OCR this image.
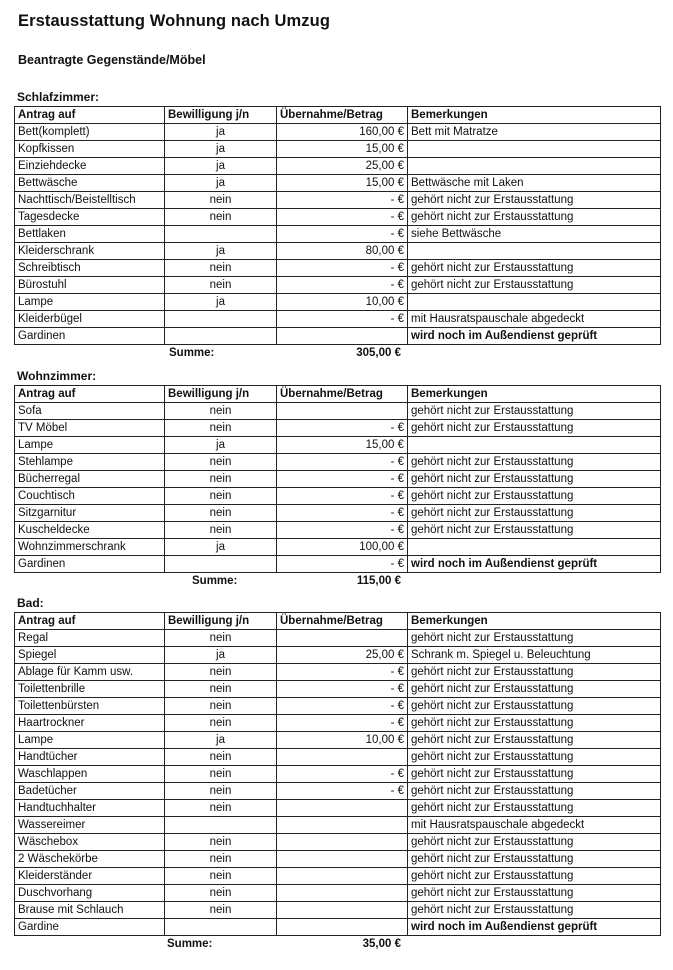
Erstausstattung Wohnung nach Umzug
Beantragte Gegenstände/Möbel
Schlafzimmer:
Antrag auf	Bewilligung j/n	Übernahme/Betrag	Bemerkungen
Bett(komplett)	ja	160,00 €	Bett mit Matratze
Kopfkissen	ja	15,00 €	
Einziehdecke	ja	25,00 €	
Bettwäsche	ja	15,00 €	Bettwäsche mit Laken
Nachttisch/Beistelltisch	nein	- €	gehört nicht zur Erstausstattung
Tagesdecke	nein	- €	gehört nicht zur Erstausstattung
Bettlaken		- €	siehe Bettwäsche
Kleiderschrank	ja	80,00 €	
Schreibtisch	nein	- €	gehört nicht zur Erstausstattung
Bürostuhl	nein	- €	gehört nicht zur Erstausstattung
Lampe	ja	10,00 €	
Kleiderbügel		- €	mit Hausratspauschale abgedeckt
Gardinen			wird noch im Außendienst geprüft
Summe:	305,00 €
Wohnzimmer:
Antrag auf	Bewilligung j/n	Übernahme/Betrag	Bemerkungen
Sofa	nein		gehört nicht zur Erstausstattung
TV Möbel	nein	- €	gehört nicht zur Erstausstattung
Lampe	ja	15,00 €	
Stehlampe	nein	- €	gehört nicht zur Erstausstattung
Bücherregal	nein	- €	gehört nicht zur Erstausstattung
Couchtisch	nein	- €	gehört nicht zur Erstausstattung
Sitzgarnitur	nein	- €	gehört nicht zur Erstausstattung
Kuscheldecke	nein	- €	gehört nicht zur Erstausstattung
Wohnzimmerschrank	ja	100,00 €	
Gardinen		- €	wird noch im Außendienst geprüft
Summe:	115,00 €
Bad:
Antrag auf	Bewilligung j/n	Übernahme/Betrag	Bemerkungen
Regal	nein		gehört nicht zur Erstausstattung
Spiegel	ja	25,00 €	Schrank m. Spiegel u. Beleuchtung
Ablage für Kamm usw.	nein	- €	gehört nicht zur Erstausstattung
Toilettenbrille	nein	- €	gehört nicht zur Erstausstattung
Toilettenbürsten	nein	- €	gehört nicht zur Erstausstattung
Haartrockner	nein	- €	gehört nicht zur Erstausstattung
Lampe	ja	10,00 €	gehört nicht zur Erstausstattung
Handtücher	nein		gehört nicht zur Erstausstattung
Waschlappen	nein	- €	gehört nicht zur Erstausstattung
Badetücher	nein	- €	gehört nicht zur Erstausstattung
Handtuchhalter	nein		gehört nicht zur Erstausstattung
Wassereimer			mit Hausratspauschale abgedeckt
Wäschebox	nein		gehört nicht zur Erstausstattung
2 Wäschekörbe	nein		gehört nicht zur Erstausstattung
Kleiderständer	nein		gehört nicht zur Erstausstattung
Duschvorhang	nein		gehört nicht zur Erstausstattung
Brause mit Schlauch	nein		gehört nicht zur Erstausstattung
Gardine			wird noch im Außendienst geprüft
Summe:	35,00 €
